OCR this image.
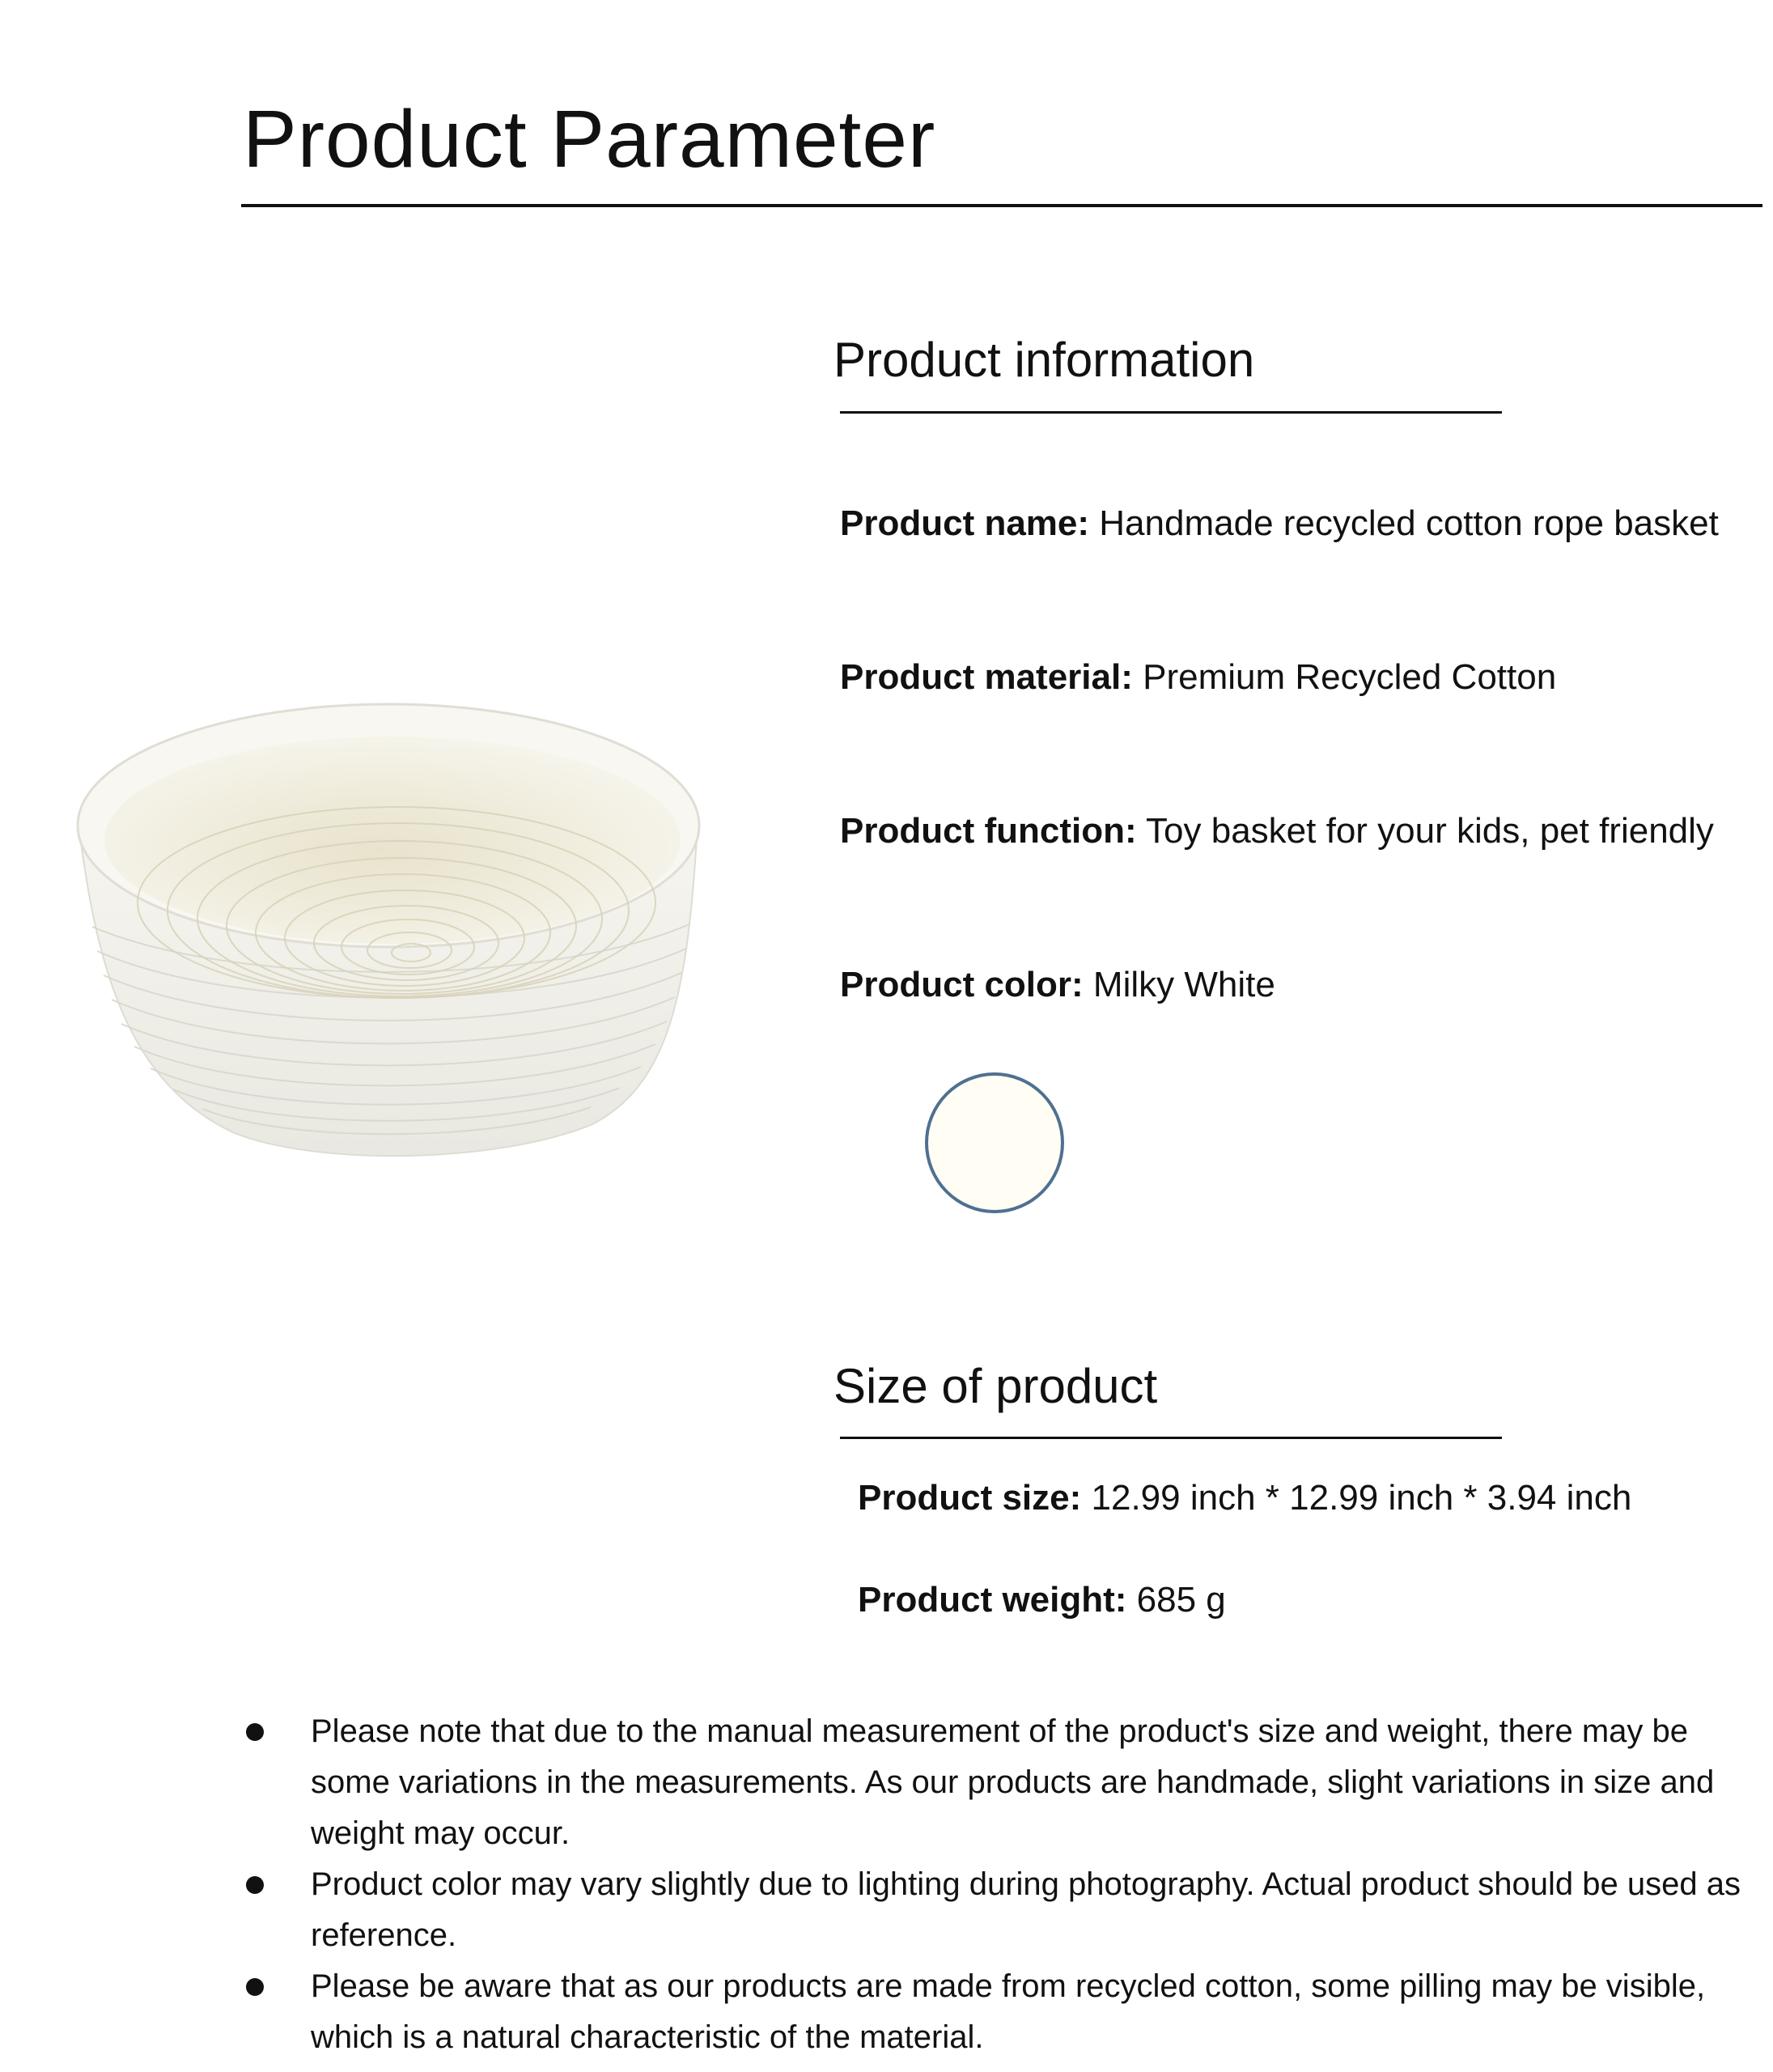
Product Parameter
Product information
Product name: Handmade recycled cotton rope basket
Product material: Premium Recycled Cotton
Product function: Toy basket for your kids, pet friendly
Product color: Milky White
Size of product
Product size: 12.99 inch * 12.99 inch * 3.94 inch
Product weight: 685 g
Please note that due to the manual measurement of the product's size and weight, there may be some variations in the measurements. As our products are handmade, slight variations in size and weight may occur.
Product color may vary slightly due to lighting during photography. Actual product should be used as reference.
Please be aware that as our products are made from recycled cotton, some pilling may be visible, which is a natural characteristic of the material.
